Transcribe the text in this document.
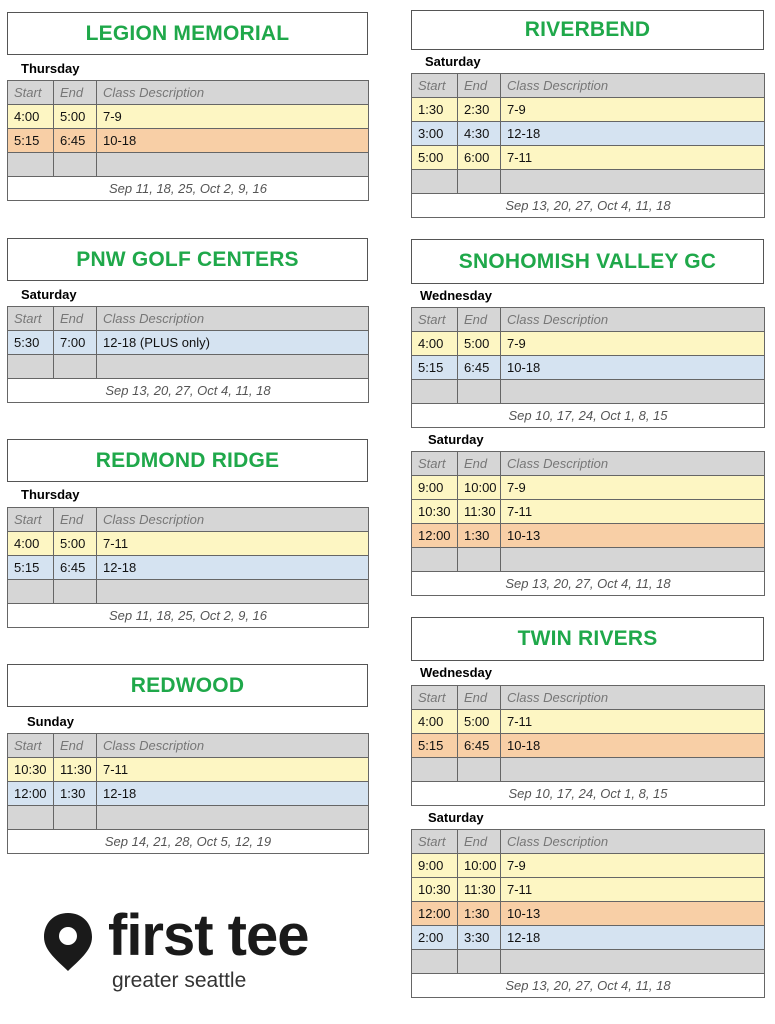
LEGION MEMORIAL
Thursday
Start	End	Class Description
4:00	5:00	7-9
5:15	6:45	10-18

Sep 11, 18, 25, Oct 2, 9, 16		
PNW GOLF CENTERS
Saturday
Start	End	Class Description
5:30	7:00	12-18 (PLUS only)

Sep 13, 20, 27, Oct 4, 11, 18		
REDMOND RIDGE
Thursday
Start	End	Class Description
4:00	5:00	7-11
5:15	6:45	12-18

Sep 11, 18, 25, Oct 2, 9, 16		
REDWOOD
Sunday
Start	End	Class Description
10:30	11:30	7-11
12:00	1:30	12-18

Sep 14, 21, 28, Oct 5, 12, 19		
RIVERBEND
Saturday
Start	End	Class Description
1:30	2:30	7-9
3:00	4:30	12-18
5:00	6:00	7-11

Sep 13, 20, 27, Oct 4, 11, 18		
SNOHOMISH VALLEY GC
Wednesday
Start	End	Class Description
4:00	5:00	7-9
5:15	6:45	10-18

Sep 10, 17, 24, Oct 1, 8, 15		
Saturday
Start	End	Class Description
9:00	10:00	7-9
10:30	11:30	7-11
12:00	1:30	10-13

Sep 13, 20, 27, Oct 4, 11, 18		
TWIN RIVERS
Wednesday
Start	End	Class Description
4:00	5:00	7-11
5:15	6:45	10-18

Sep 10, 17, 24, Oct 1, 8, 15		
Saturday
Start	End	Class Description
9:00	10:00	7-9
10:30	11:30	7-11
12:00	1:30	10-13
2:00	3:30	12-18

Sep 13, 20, 27, Oct 4, 11, 18		
first tee
greater seattle
